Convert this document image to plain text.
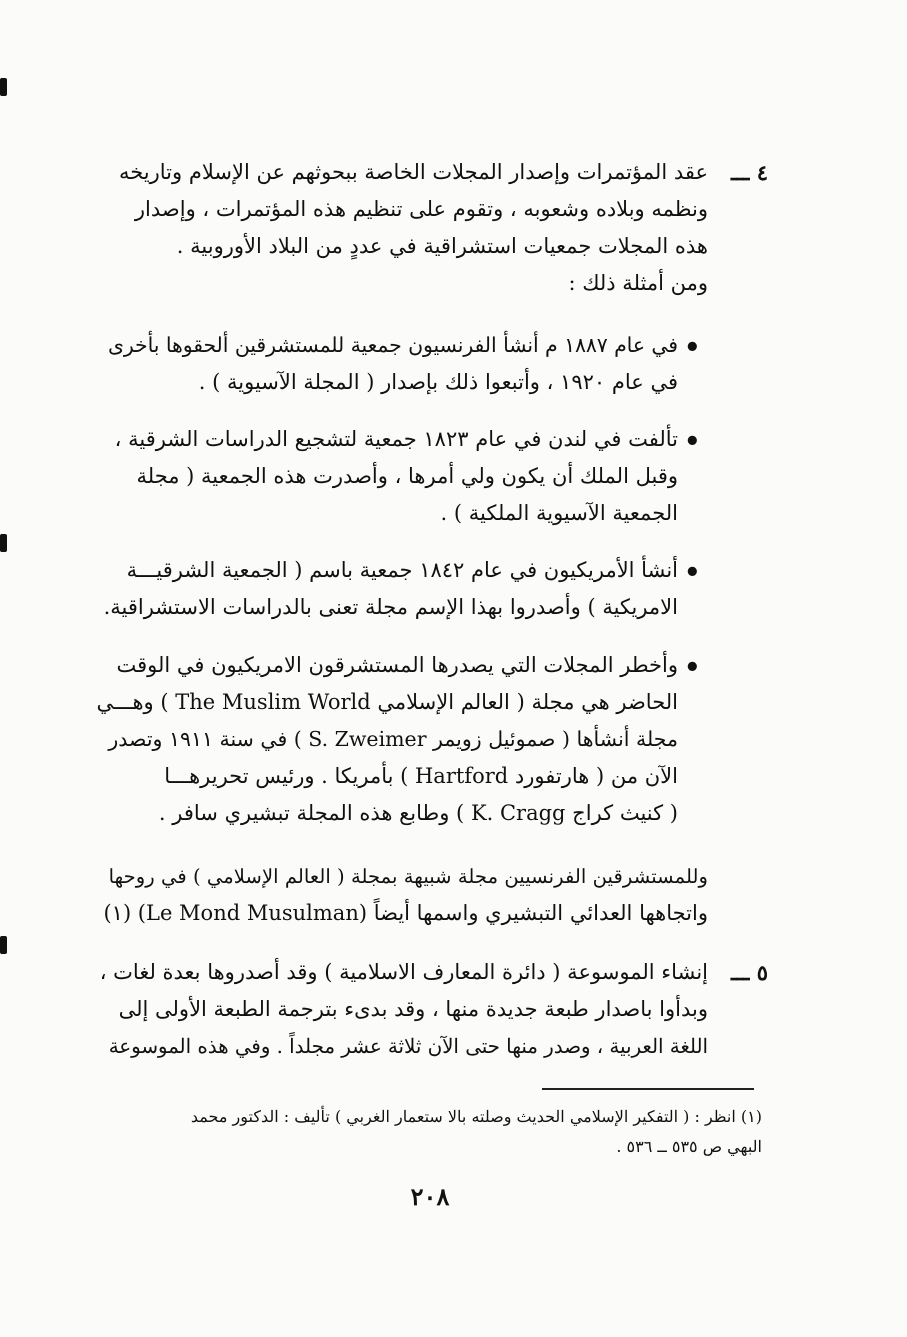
٤ ـــ
عقد المؤتمرات وإصدار المجلات الخاصة ببحوثهم عن الإسلام وتاريخه
ونظمه وبلاده وشعوبه ، وتقوم على تنظيم هذه المؤتمرات ، وإصدار
هذه المجلات جمعيات استشراقية في عددٍ من البلاد الأوروبية .
ومن أمثلة ذلك :
•
في عام ١٨٨٧ م أنشأ الفرنسيون جمعية للمستشرقين ألحقوها بأخرى
في عام ١٩٢٠ ، وأتبعوا ذلك بإصدار ( المجلة الآسيوية ) .
•
تألفت في لندن في عام ١٨٢٣ جمعية لتشجيع الدراسات الشرقية ،
وقبل الملك أن يكون ولي أمرها ، وأصدرت هذه الجمعية ( مجلة
الجمعية الآسيوية الملكية ) .
•
أنشأ الأمريكيون في عام ١٨٤٢ جمعية باسم ( الجمعية الشرقيـــة
الامريكية ) وأصدروا بهذا الإسم مجلة تعنى بالدراسات الاستشراقية.
•
وأخطر المجلات التي يصدرها المستشرقون الامريكيون في الوقت
الحاضر هي مجلة ( العالم الإسلامي The Muslim World ) وهـــي
مجلة أنشأها ( صموئيل زويمر S. Zweimer ) في سنة ١٩١١ وتصدر
الآن من ( هارتفورد Hartford ) بأمريكا . ورئيس تحريرهـــا
( كنيث كراج K. Cragg ) وطابع هذه المجلة تبشيري سافر .
وللمستشرقين الفرنسيين مجلة شبيهة بمجلة ( العالم الإسلامي ) في روحها
واتجاهها العدائي التبشيري واسمها أيضاً (Le Mond Musulman) (١)
٥ ـــ
إنشاء الموسوعة ( دائرة المعارف الاسلامية ) وقد أصدروها بعدة لغات ،
وبدأوا باصدار طبعة جديدة منها ، وقد بدىء بترجمة الطبعة الأولى إلى
اللغة العربية ، وصدر منها حتى الآن ثلاثة عشر مجلداً . وفي هذه الموسوعة
(١) انظر : ( التفكير الإسلامي الحديث وصلته بالا ستعمار الغربي ) تأليف : الدكتور محمد
البهي ص ٥٣٥ ــ ٥٣٦ .
٢٠٨
